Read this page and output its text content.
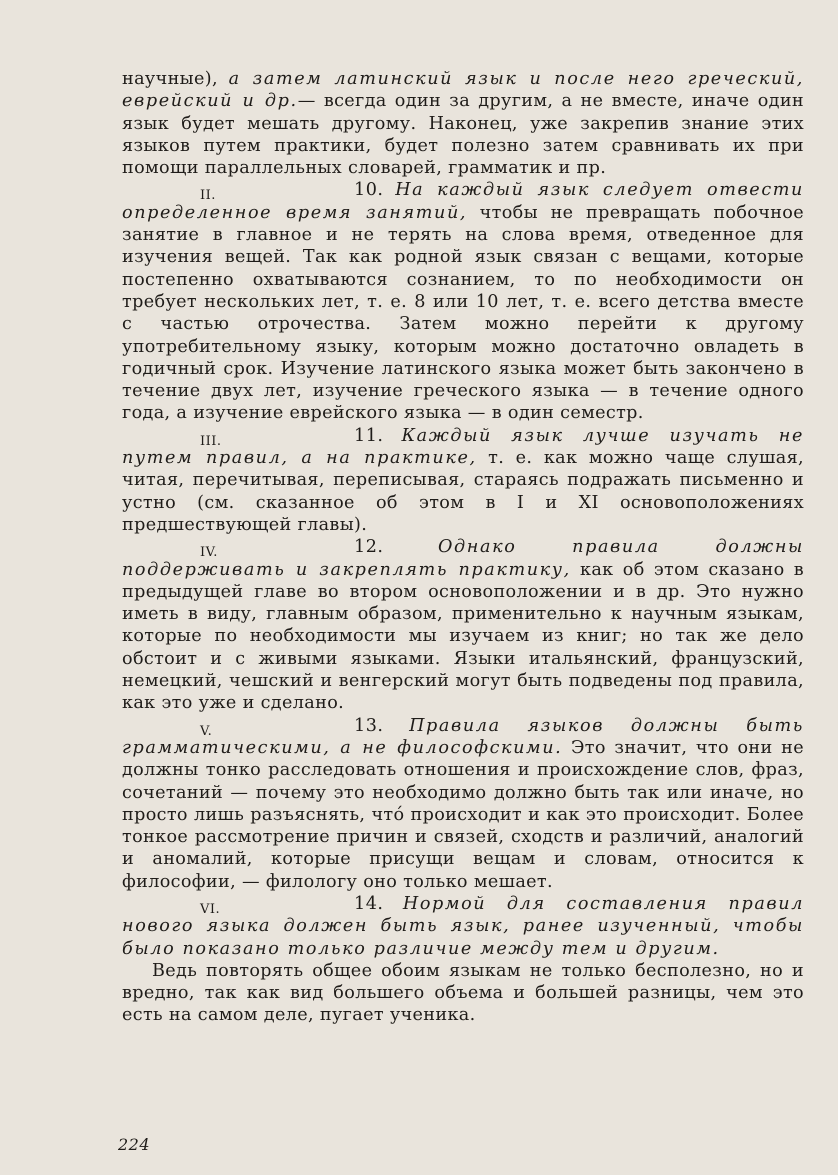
научные), а затем латинский язык и после него греческий, еврейский и др.— всегда один за другим, а не вместе, иначе один язык будет мешать другому. Наконец, уже закрепив знание этих языков путем практики, будет полезно затем сравнивать их при помощи параллельных словарей, грамматик и пр.

II.	10. На каждый язык следует отвести определенное время занятий, чтобы не превращать побочное занятие в главное и не терять на слова время, отведенное для изучения вещей. Так как родной язык связан с вещами, которые постепенно охватываются сознанием, то по необходимости он требует нескольких лет, т. е. 8 или 10 лет, т. е. всего детства вместе с частью отрочества. Затем можно перейти к другому употребительному языку, которым можно достаточно овладеть в годичный срок. Изучение латинского языка может быть закончено в течение двух лет, изучение греческого языка — в течение одного года, а изучение еврейского языка — в один семестр.

III.	11. Каждый язык лучше изучать не путем правил, а на практике, т. е. как можно чаще слушая, читая, перечитывая, переписывая, стараясь подражать письменно и устно (см. сказанное об этом в I и XI основоположениях предшествующей главы).

IV.	12.	Однако правила должны поддерживать и закреплять практику, как об этом сказано в предыдущей главе во втором основоположении и в др. Это нужно иметь в виду, главным образом, применительно к научным языкам, которые по необходимости мы изучаем из книг; но так же дело обстоит и с живыми языками. Языки итальянский, французский, немецкий, чешский и венгерский могут быть подведены под правила, как это уже и сделано.

V.	13. Правила языков должны быть грамматическими, а не философскими. Это значит, что они не должны тонко расследовать отношения и происхождение слов, фраз, сочетаний — почему это необходимо должно быть так или иначе, но просто лишь разъяснять, что́ происходит и как это происходит. Более тонкое рассмотрение причин и связей, сходств и различий, аналогий и аномалий, которые присущи вещам и словам, относится к философии, — филологу оно только мешает.

VI.	14. Нормой для составления правил нового языка должен быть язык, ранее изученный, чтобы было показано только различие между тем и другим.

Ведь повторять общее обоим языкам не только бесполезно, но и вредно, так как вид большего объема и большей разницы, чем это есть на самом деле, пугает ученика.

224
